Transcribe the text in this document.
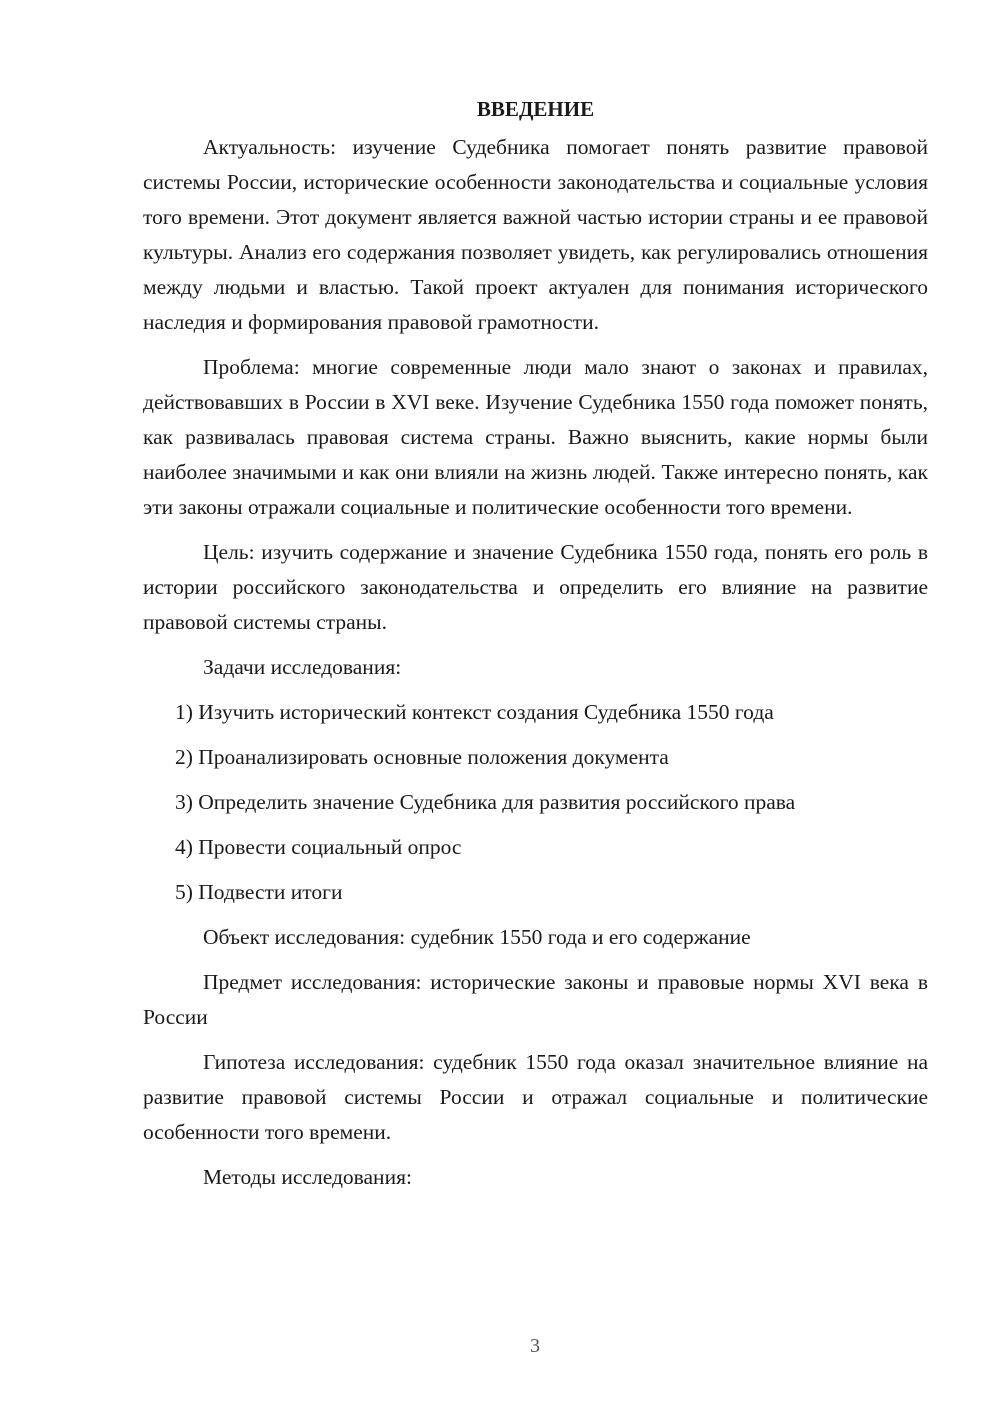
ВВЕДЕНИЕ

Актуальность: изучение Судебника помогает понять развитие правовой системы России, исторические особенности законодательства и социальные условия того времени. Этот документ является важной частью истории страны и ее правовой культуры. Анализ его содержания позволяет увидеть, как регулировались отношения между людьми и властью. Такой проект актуален для понимания исторического наследия и формирования правовой грамотности.

Проблема: многие современные люди мало знают о законах и правилах, действовавших в России в XVI веке. Изучение Судебника 1550 года поможет понять, как развивалась правовая система страны. Важно выяснить, какие нормы были наиболее значимыми и как они влияли на жизнь людей. Также интересно понять, как эти законы отражали социальные и политические особенности того времени.

Цель: изучить содержание и значение Судебника 1550 года, понять его роль в истории российского законодательства и определить его влияние на развитие правовой системы страны.

Задачи исследования:

1) Изучить исторический контекст создания Судебника 1550 года
2) Проанализировать основные положения документа
3) Определить значение Судебника для развития российского права
4) Провести социальный опрос
5) Подвести итоги

Объект исследования: судебник 1550 года и его содержание

Предмет исследования: исторические законы и правовые нормы XVI века в России

Гипотеза исследования: судебник 1550 года оказал значительное влияние на развитие правовой системы России и отражал социальные и политические особенности того времени.

Методы исследования:

3
